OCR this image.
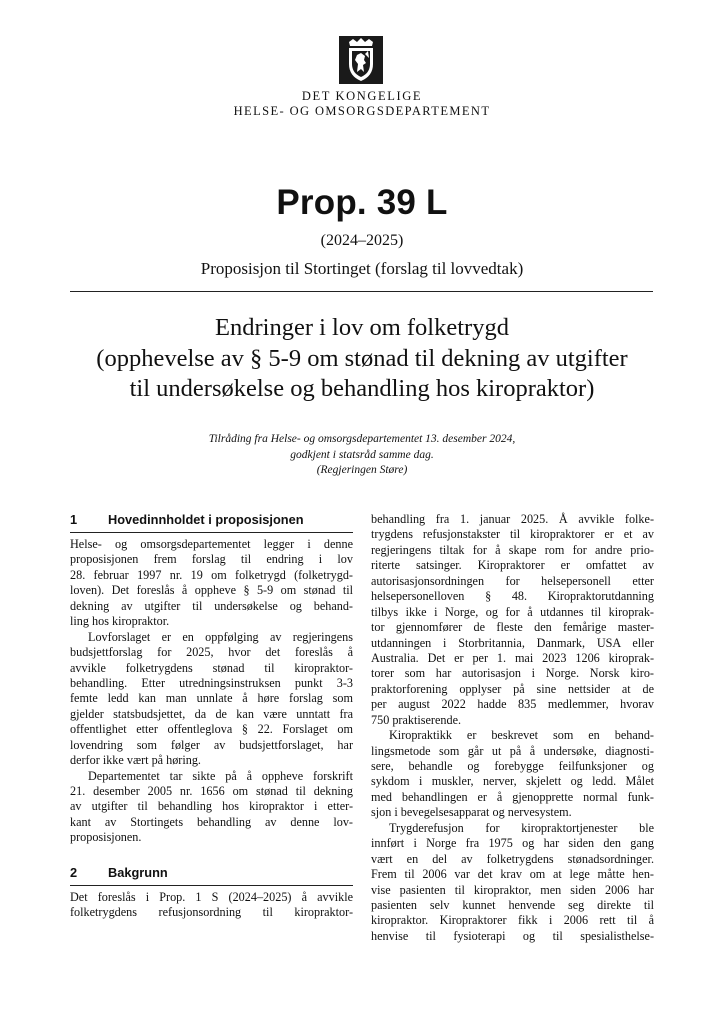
DET KONGELIGE
HELSE- OG OMSORGSDEPARTEMENT
Prop. 39 L
(2024–2025)
Proposisjon til Stortinget (forslag til lovvedtak)
Endringer i lov om folketrygd
(opphevelse av § 5-9 om stønad til dekning av utgifter
til undersøkelse og behandling hos kiropraktor)
Tilråding fra Helse- og omsorgsdepartementet 13. desember 2024,
godkjent i statsråd samme dag.
(Regjeringen Støre)
1 Hovedinnholdet i proposisjonen
Helse- og omsorgsdepartementet legger i denne
proposisjonen frem forslag til endring i lov
28. februar 1997 nr. 19 om folketrygd (folketrygd-
loven). Det foreslås å oppheve § 5-9 om stønad til
dekning av utgifter til undersøkelse og behand-
ling hos kiropraktor.
Lovforslaget er en oppfølging av regjeringens
budsjettforslag for 2025, hvor det foreslås å
avvikle folketrygdens stønad til kiropraktor-
behandling. Etter utredningsinstruksen punkt 3-3
femte ledd kan man unnlate å høre forslag som
gjelder statsbudsjettet, da de kan være unntatt fra
offentlighet etter offentleglova § 22. Forslaget om
lovendring som følger av budsjettforslaget, har
derfor ikke vært på høring.
Departementet tar sikte på å oppheve forskrift
21. desember 2005 nr. 1656 om stønad til dekning
av utgifter til behandling hos kiropraktor i etter-
kant av Stortingets behandling av denne lov-
proposisjonen.
2 Bakgrunn
Det foreslås i Prop. 1 S (2024–2025) å avvikle
folketrygdens refusjonsordning til kiropraktor-
behandling fra 1. januar 2025. Å avvikle folke-
trygdens refusjonstakster til kiropraktorer er et av
regjeringens tiltak for å skape rom for andre prio-
riterte satsinger. Kiropraktorer er omfattet av
autorisasjonsordningen for helsepersonell etter
helsepersonelloven § 48. Kiropraktorutdanning
tilbys ikke i Norge, og for å utdannes til kiroprak-
tor gjennomfører de fleste den femårige master-
utdanningen i Storbritannia, Danmark, USA eller
Australia. Det er per 1. mai 2023 1206 kiroprak-
torer som har autorisasjon i Norge. Norsk kiro-
praktorforening opplyser på sine nettsider at de
per august 2022 hadde 835 medlemmer, hvorav
750 praktiserende.
Kiropraktikk er beskrevet som en behand-
lingsmetode som går ut på å undersøke, diagnosti-
sere, behandle og forebygge feilfunksjoner og
sykdom i muskler, nerver, skjelett og ledd. Målet
med behandlingen er å gjenopprette normal funk-
sjon i bevegelsesapparat og nervesystem.
Trygderefusjon for kiropraktortjenester ble
innført i Norge fra 1975 og har siden den gang
vært en del av folketrygdens stønadsordninger.
Frem til 2006 var det krav om at lege måtte hen-
vise pasienten til kiropraktor, men siden 2006 har
pasienten selv kunnet henvende seg direkte til
kiropraktor. Kiropraktorer fikk i 2006 rett til å
henvise til fysioterapi og til spesialisthelse-
